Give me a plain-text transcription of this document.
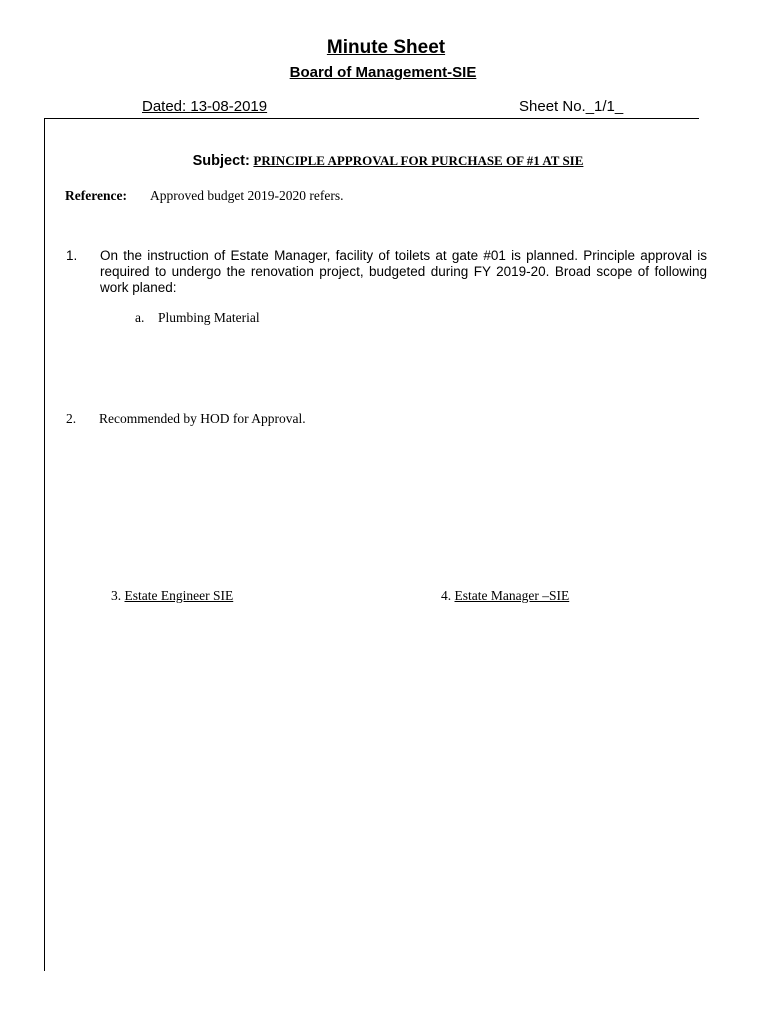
Minute Sheet
Board of Management-SIE
Dated: 13-08-2019	Sheet No._1/1_
Subject: PRINCIPLE APPROVAL FOR PURCHASE OF #1 AT SIE
Reference: Approved budget 2019-2020 refers.
1. On the instruction of Estate Manager, facility of toilets at gate #01 is planned. Principle approval is required to undergo the renovation project, budgeted during FY 2019-20. Broad scope of following work planed:
a. Plumbing Material
2. Recommended by HOD for Approval.
3. Estate Engineer SIE	4. Estate Manager –SIE
